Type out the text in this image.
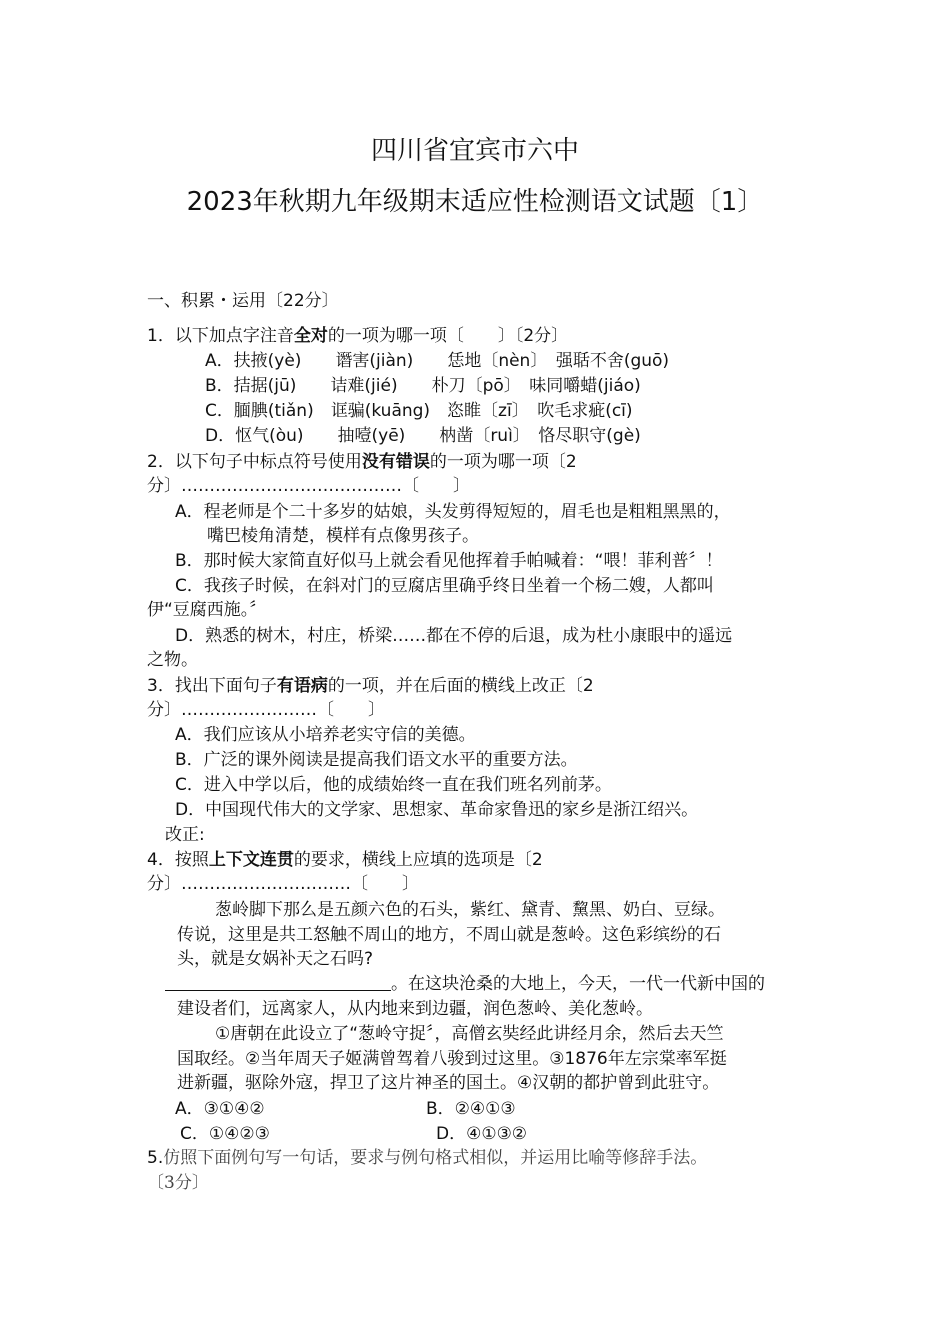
四川省宜宾市六中
2023年秋期九年级期末适应性检测语文试题〔1〕
一、积累・运用〔22分〕
1．以下加点字注音全对的一项为哪一项〔　　〕〔2分〕
A．扶掖(yè)　　谮害(jiàn)　　恁地〔nèn〕　强聒不舍(guō)
B．拮据(jū)　　诘难(jié)　　朴刀〔pō〕　味同嚼蜡(jiáo)
C．腼腆(tiǎn)　诓骗(kuāng)　恣睢〔zī〕　吹毛求疵(cī)
D．怄气(òu)　　抽噎(yē)　　枘凿〔ruì〕　恪尽职守(gè)
2．以下句子中标点符号使用没有错误的一项为哪一项〔2
分〕…………………………………〔　　〕
A．程老师是个二十多岁的姑娘，头发剪得短短的，眉毛也是粗粗黑黑的，
嘴巴棱角清楚，模样有点像男孩子。
B．那时候大家简直好似马上就会看见他挥着手帕喊着：“喂！菲利普〞！
C．我孩子时候，在斜对门的豆腐店里确乎终日坐着一个杨二嫂，人都叫
伊“豆腐西施。〞
D．熟悉的树木，村庄，桥梁……都在不停的后退，成为杜小康眼中的遥远
之物。
3．找出下面句子有语病的一项，并在后面的横线上改正〔2
分〕……………………〔　　〕
A．我们应该从小培养老实守信的美德。
B．广泛的课外阅读是提高我们语文水平的重要方法。
C．进入中学以后，他的成绩始终一直在我们班名列前茅。
D．中国现代伟大的文学家、思想家、革命家鲁迅的家乡是浙江绍兴。
改正:
4．按照上下文连贯的要求，横线上应填的选项是〔2
分〕…………………………〔　　〕
葱岭脚下那么是五颜六色的石头，紫红、黛青、黧黑、奶白、豆绿。
传说，这里是共工怒触不周山的地方，不周山就是葱岭。这色彩缤纷的石
头，就是女娲补天之石吗?
。在这块沧桑的大地上，今天，一代一代新中国的
建设者们，远离家人，从内地来到边疆，润色葱岭、美化葱岭。
①唐朝在此设立了“葱岭守捉〞，高僧玄奘经此讲经月余，然后去天竺
国取经。②当年周天子姬满曾驾着八骏到过这里。③1876年左宗棠率军挺
进新疆，驱除外寇，捍卫了这片神圣的国土。④汉朝的都护曾到此驻守。
A．③①④②	B．②④①③
C．①④②③	D．④①③②
5.仿照下面例句写一句话，要求与例句格式相似，并运用比喻等修辞手法。
〔3分〕
